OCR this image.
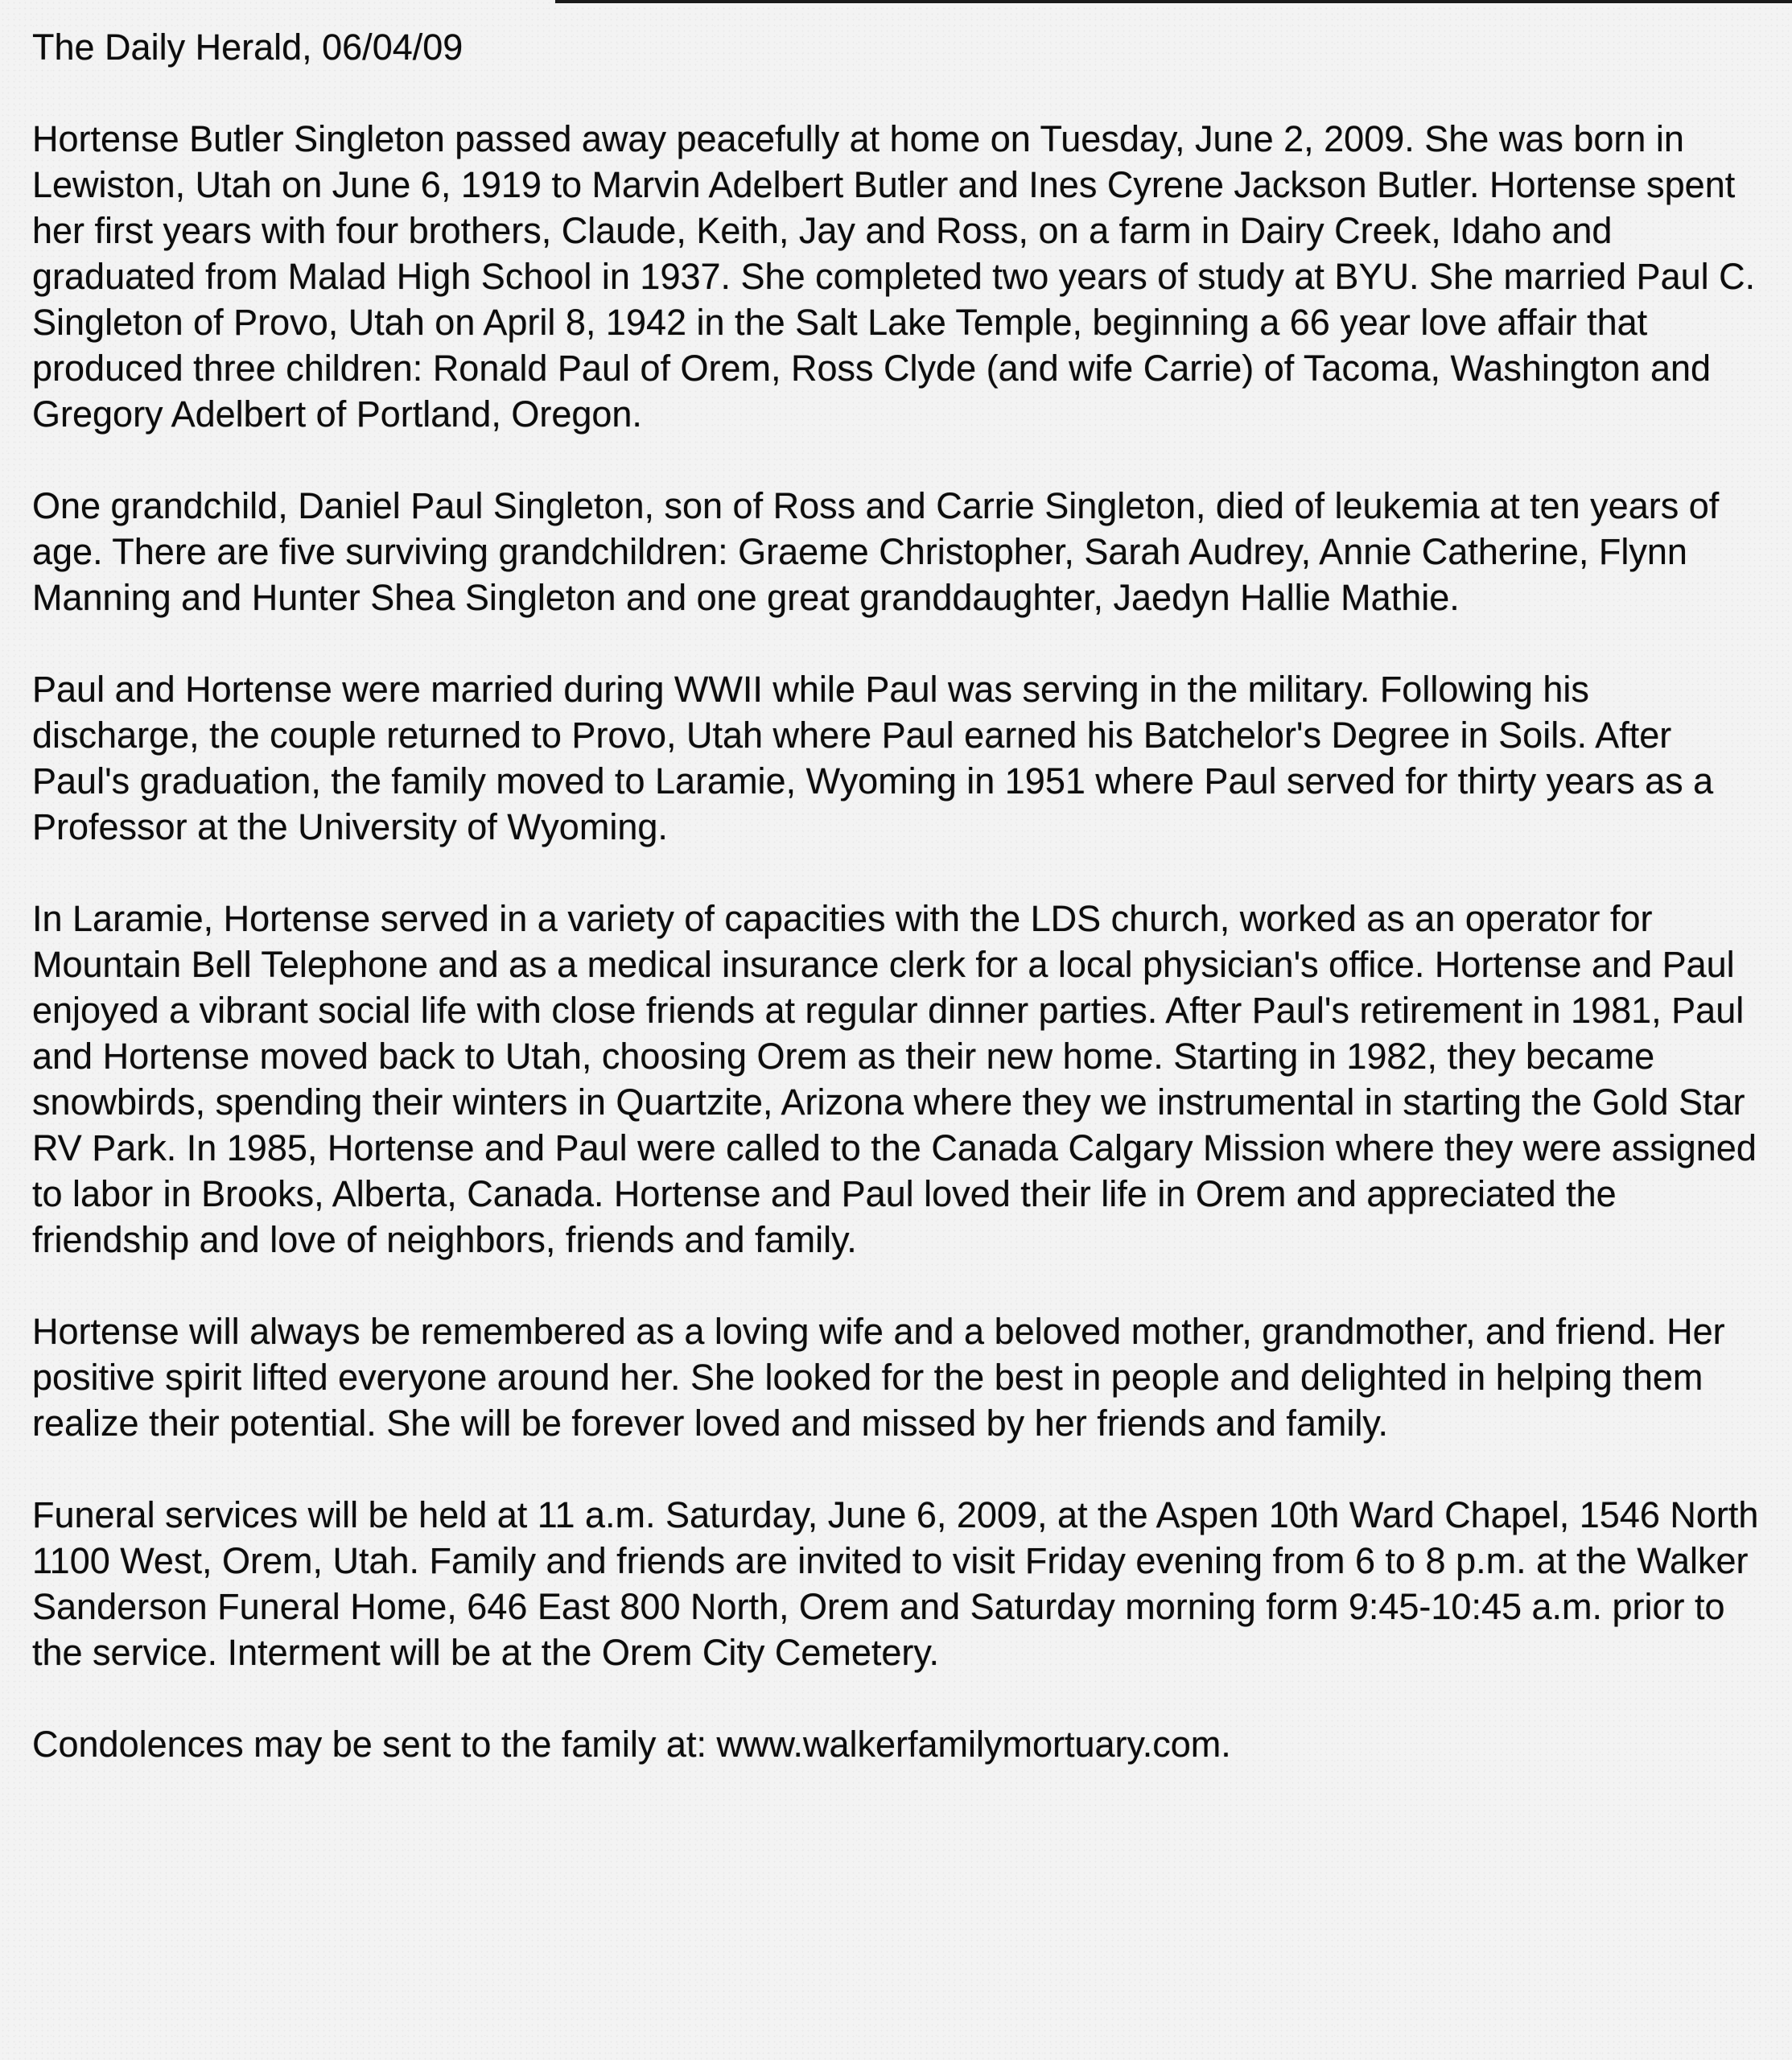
The Daily Herald, 06/04/09
Hortense Butler Singleton passed away peacefully at home on Tuesday, June 2, 2009. She was born in Lewiston, Utah on June 6, 1919 to Marvin Adelbert Butler and Ines Cyrene Jackson Butler. Hortense spent her first years with four brothers, Claude, Keith, Jay and Ross, on a farm in Dairy Creek, Idaho and graduated from Malad High School in 1937. She completed two years of study at BYU. She married Paul C. Singleton of Provo, Utah on April 8, 1942 in the Salt Lake Temple, beginning a 66 year love affair that produced three children: Ronald Paul of Orem, Ross Clyde (and wife Carrie) of Tacoma, Washington and Gregory Adelbert of Portland, Oregon.
One grandchild, Daniel Paul Singleton, son of Ross and Carrie Singleton, died of leukemia at ten years of age. There are five surviving grandchildren: Graeme Christopher, Sarah Audrey, Annie Catherine, Flynn Manning and Hunter Shea Singleton and one great granddaughter, Jaedyn Hallie Mathie.
Paul and Hortense were married during WWII while Paul was serving in the military. Following his discharge, the couple returned to Provo, Utah where Paul earned his Batchelor's Degree in Soils. After Paul's graduation, the family moved to Laramie, Wyoming in 1951 where Paul served for thirty years as a Professor at the University of Wyoming.
In Laramie, Hortense served in a variety of capacities with the LDS church, worked as an operator for Mountain Bell Telephone and as a medical insurance clerk for a local physician's office. Hortense and Paul enjoyed a vibrant social life with close friends at regular dinner parties. After Paul's retirement in 1981, Paul and Hortense moved back to Utah, choosing Orem as their new home. Starting in 1982, they became snowbirds, spending their winters in Quartzite, Arizona where they we instrumental in starting the Gold Star RV Park. In 1985, Hortense and Paul were called to the Canada Calgary Mission where they were assigned to labor in Brooks, Alberta, Canada. Hortense and Paul loved their life in Orem and appreciated the friendship and love of neighbors, friends and family.
Hortense will always be remembered as a loving wife and a beloved mother, grandmother, and friend. Her positive spirit lifted everyone around her. She looked for the best in people and delighted in helping them realize their potential. She will be forever loved and missed by her friends and family.
Funeral services will be held at 11 a.m. Saturday, June 6, 2009, at the Aspen 10th Ward Chapel, 1546 North 1100 West, Orem, Utah. Family and friends are invited to visit Friday evening from 6 to 8 p.m. at the Walker Sanderson Funeral Home, 646 East 800 North, Orem and Saturday morning form 9:45-10:45 a.m. prior to the service. Interment will be at the Orem City Cemetery.
Condolences may be sent to the family at: www.walkerfamilymortuary.com.
